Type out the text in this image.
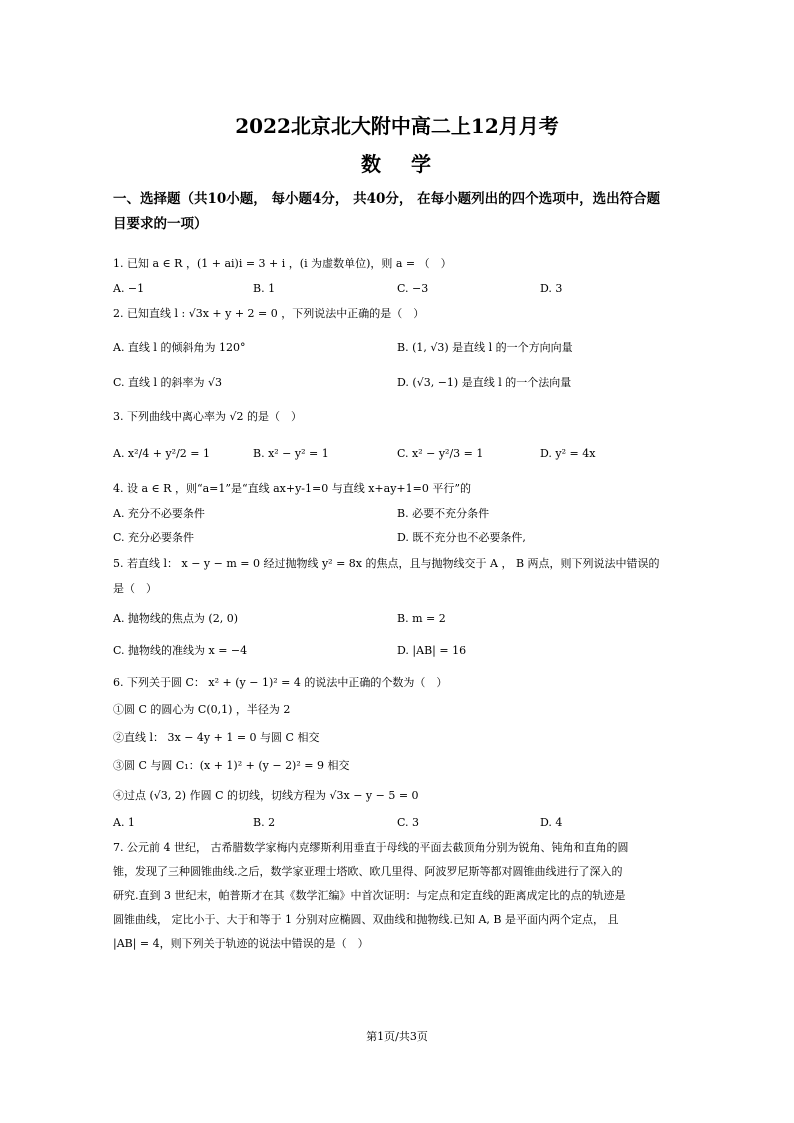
2022北京北大附中高二上12月月考
数学
一、选择题（共10小题， 每小题4分， 共40分， 在每小题列出的四个选项中，选出符合题
目要求的一项）
1. 已知 a ∈ R ，(1 + ai)i = 3 + i ，(i 为虚数单位)，则 a = （　）
A. −1	B. 1	C. −3	D. 3
2. 已知直线 l : √3x + y + 2 = 0 ，下列说法中正确的是（　）
A. 直线 l 的倾斜角为 120°	B. (1, √3) 是直线 l 的一个方向向量
C. 直线 l 的斜率为 √3	D. (√3, −1) 是直线 l 的一个法向量
3. 下列曲线中离心率为 √2 的是（　）
A. x²/4 + y²/2 = 1	B. x² − y² = 1	C. x² − y²/3 = 1	D. y² = 4x
4. 设 a ∈ R ，则“a=1”是“直线 ax+y-1=0 与直线 x+ay+1=0 平行”的
A. 充分不必要条件	B. 必要不充分条件
C. 充分必要条件	D. 既不充分也不必要条件,
5. 若直线 l： x − y − m = 0 经过抛物线 y² = 8x 的焦点，且与抛物线交于 A ， B 两点，则下列说法中错误的
是（　）
A. 抛物线的焦点为 (2, 0)	B. m = 2
C. 抛物线的准线为 x = −4	D. |AB| = 16
6. 下列关于圆 C： x² + (y − 1)² = 4 的说法中正确的个数为（　）
①圆 C 的圆心为 C(0,1) ，半径为 2
②直线 l： 3x − 4y + 1 = 0 与圆 C 相交
③圆 C 与圆 C₁：(x + 1)² + (y − 2)² = 9 相交
④过点 (√3, 2) 作圆 C 的切线，切线方程为 √3x − y − 5 = 0
A. 1	B. 2	C. 3	D. 4
7. 公元前 4 世纪， 古希腊数学家梅内克缪斯利用垂直于母线的平面去截顶角分别为锐角、钝角和直角的圆
锥，发现了三种圆锥曲线.之后，数学家亚理士塔欧、欧几里得、阿波罗尼斯等都对圆锥曲线进行了深入的
研究.直到 3 世纪末，帕普斯才在其《数学汇编》中首次证明：与定点和定直线的距离成定比的点的轨迹是
圆锥曲线， 定比小于、大于和等于 1 分别对应椭圆、双曲线和抛物线.已知 A, B 是平面内两个定点， 且
|AB| = 4，则下列关于轨迹的说法中错误的是（　）
第1页/共3页
